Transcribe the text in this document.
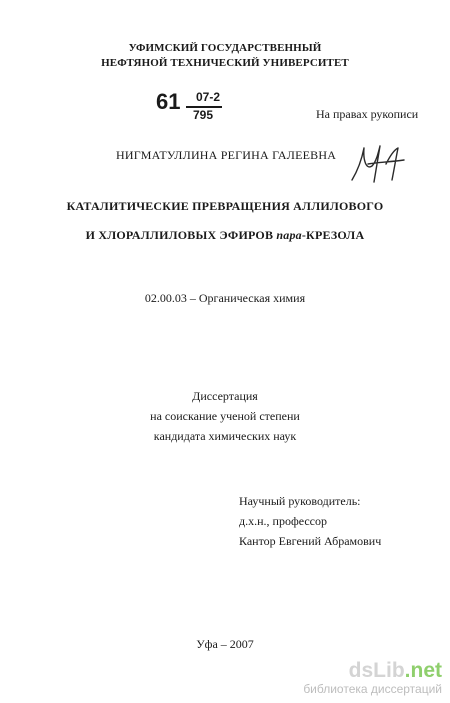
УФИМСКИЙ ГОСУДАРСТВЕННЫЙ
НЕФТЯНОЙ ТЕХНИЧЕСКИЙ УНИВЕРСИТЕТ
61 07-2
795	На правах рукописи
НИГМАТУЛЛИНА РЕГИНА ГАЛЕЕВНА
КАТАЛИТИЧЕСКИЕ ПРЕВРАЩЕНИЯ АЛЛИЛОВОГО
И ХЛОРАЛЛИЛОВЫХ ЭФИРОВ пара-КРЕЗОЛА
02.00.03 – Органическая химия
Диссертация
на соискание ученой степени
кандидата химических наук
Научный руководитель:
д.х.н., профессор
Кантор Евгений Абрамович
Уфа – 2007
dsLib.net
библиотека диссертаций
